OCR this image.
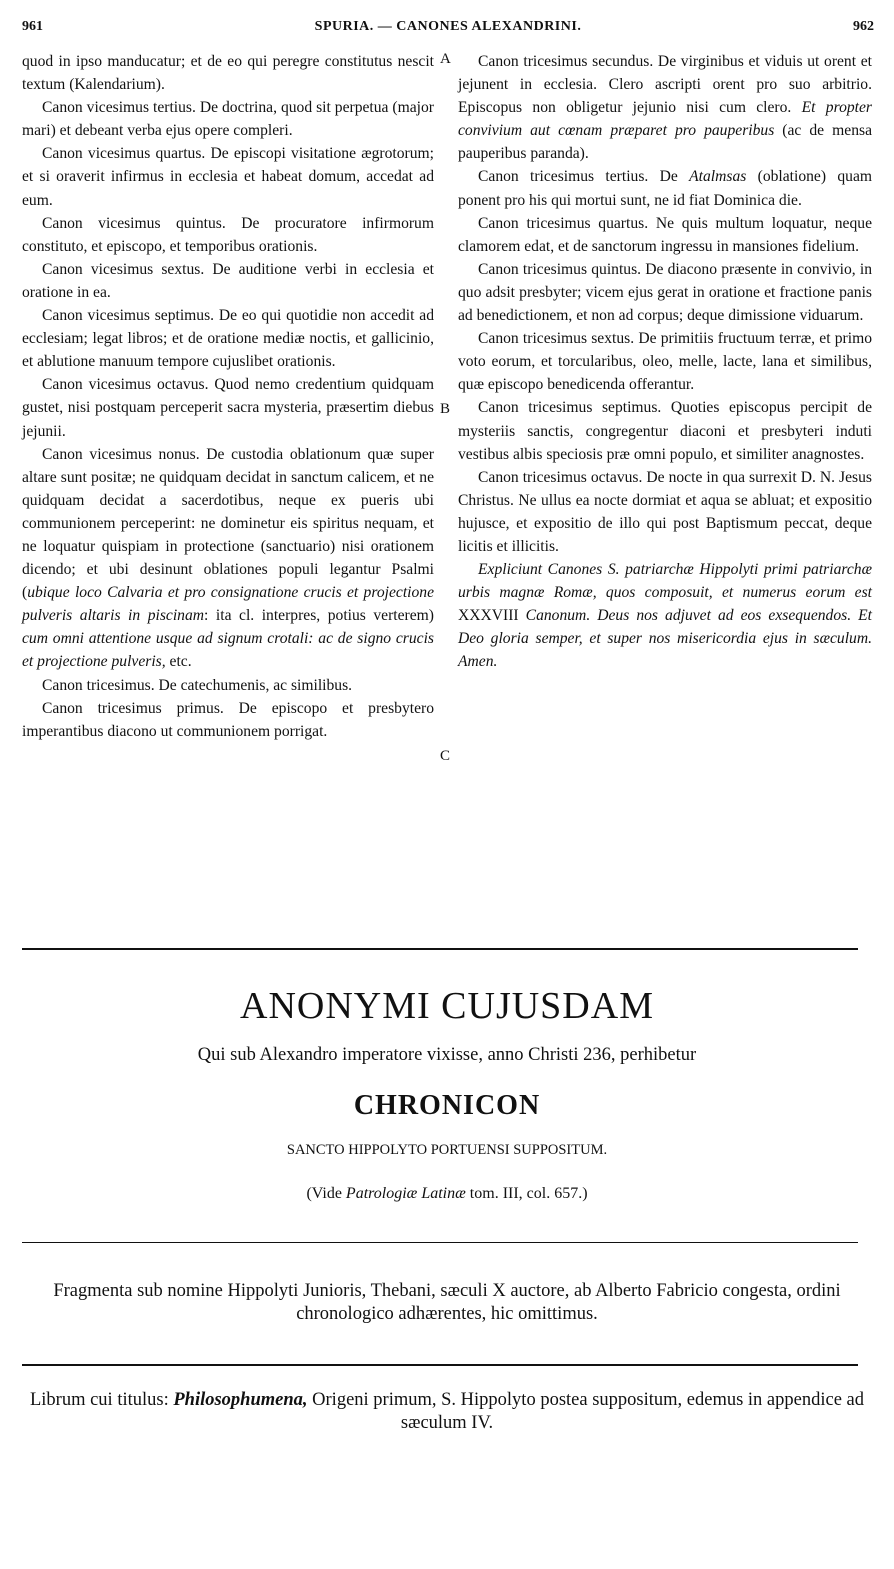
961	SPURIA. — CANONES ALEXANDRINI.	962
A
B
C

quod in ipso manducatur; et de eo qui peregre constitutus nescit textum (Kalendarium).

Canon vicesimus tertius. De doctrina, quod sit perpetua (major mari) et debeant verba ejus opere compleri.

Canon vicesimus quartus. De episcopi visitatione ægrotorum; et si oraverit infirmus in ecclesia et habeat domum, accedat ad eum.

Canon vicesimus quintus. De procuratore infirmorum constituto, et episcopo, et temporibus orationis.

Canon vicesimus sextus. De auditione verbi in ecclesia et oratione in ea.

Canon vicesimus septimus. De eo qui quotidie non accedit ad ecclesiam; legat libros; et de oratione mediæ noctis, et gallicinio, et ablutione manuum tempore cujuslibet orationis.

Canon vicesimus octavus. Quod nemo credentium quidquam gustet, nisi postquam perceperit sacra mysteria, præsertim diebus jejunii.

Canon vicesimus nonus. De custodia oblationum quæ super altare sunt positæ; ne quidquam decidat in sanctum calicem, et ne quidquam decidat a sacerdotibus, neque ex pueris ubi communionem perceperint: ne dominetur eis spiritus nequam, et ne loquatur quispiam in protectione (sanctuario) nisi orationem dicendo; et ubi desinunt oblationes populi legantur Psalmi (ubique loco Calvaria et pro consignatione crucis et projectione pulveris altaris in piscinam: ita cl. interpres, potius verterem) cum omni attentione usque ad signum crotali: ac de signo crucis et projectione pulveris, etc.

Canon tricesimus. De catechumenis, ac similibus.

Canon tricesimus primus. De episcopo et presbytero imperantibus diacono ut communionem porrigat.

Canon tricesimus secundus. De virginibus et viduis ut orent et jejunent in ecclesia. Clero ascripti orent pro suo arbitrio. Episcopus non obligetur jejunio nisi cum clero. Et propter convivium aut cœnam præparet pro pauperibus (ac de mensa pauperibus paranda).

Canon tricesimus tertius. De Atalmsas (oblatione) quam ponent pro his qui mortui sunt, ne id fiat Dominica die.

Canon tricesimus quartus. Ne quis multum loquatur, neque clamorem edat, et de sanctorum ingressu in mansiones fidelium.

Canon tricesimus quintus. De diacono præsente in convivio, in quo adsit presbyter; vicem ejus gerat in oratione et fractione panis ad benedictionem, et non ad corpus; deque dimissione viduarum.

Canon tricesimus sextus. De primitiis fructuum terræ, et primo voto eorum, et torcularibus, oleo, melle, lacte, lana et similibus, quæ episcopo benedicenda offerantur.

Canon tricesimus septimus. Quoties episcopus percipit de mysteriis sanctis, congregentur diaconi et presbyteri induti vestibus albis speciosis præ omni populo, et similiter anagnostes.

Canon tricesimus octavus. De nocte in qua surrexit D. N. Jesus Christus. Ne ullus ea nocte dormiat et aqua se abluat; et expositio hujusce, et expositio de illo qui post Baptismum peccat, deque licitis et illicitis.

Expliciunt Canones S. patriarchæ Hippolyti primi patriarchæ urbis magnæ Romæ, quos composuit, et numerus eorum est XXXVIII Canonum. Deus nos adjuvet ad eos exsequendos. Et Deo gloria semper, et super nos misericordia ejus in sæculum. Amen.

ANONYMI CUJUSDAM
Qui sub Alexandro imperatore vixisse, anno Christi 236, perhibetur
CHRONICON
SANCTO HIPPOLYTO PORTUENSI SUPPOSITUM.
(Vide Patrologiæ Latinæ tom. III, col. 657.)
Fragmenta sub nomine Hippolyti Junioris, Thebani, sæculi X auctore, ab Alberto Fabricio congesta, ordini chronologico adhærentes, hic omittimus.
Librum cui titulus: Philosophumena, Origeni primum, S. Hippolyto postea suppositum, edemus in appendice ad sæculum IV.
